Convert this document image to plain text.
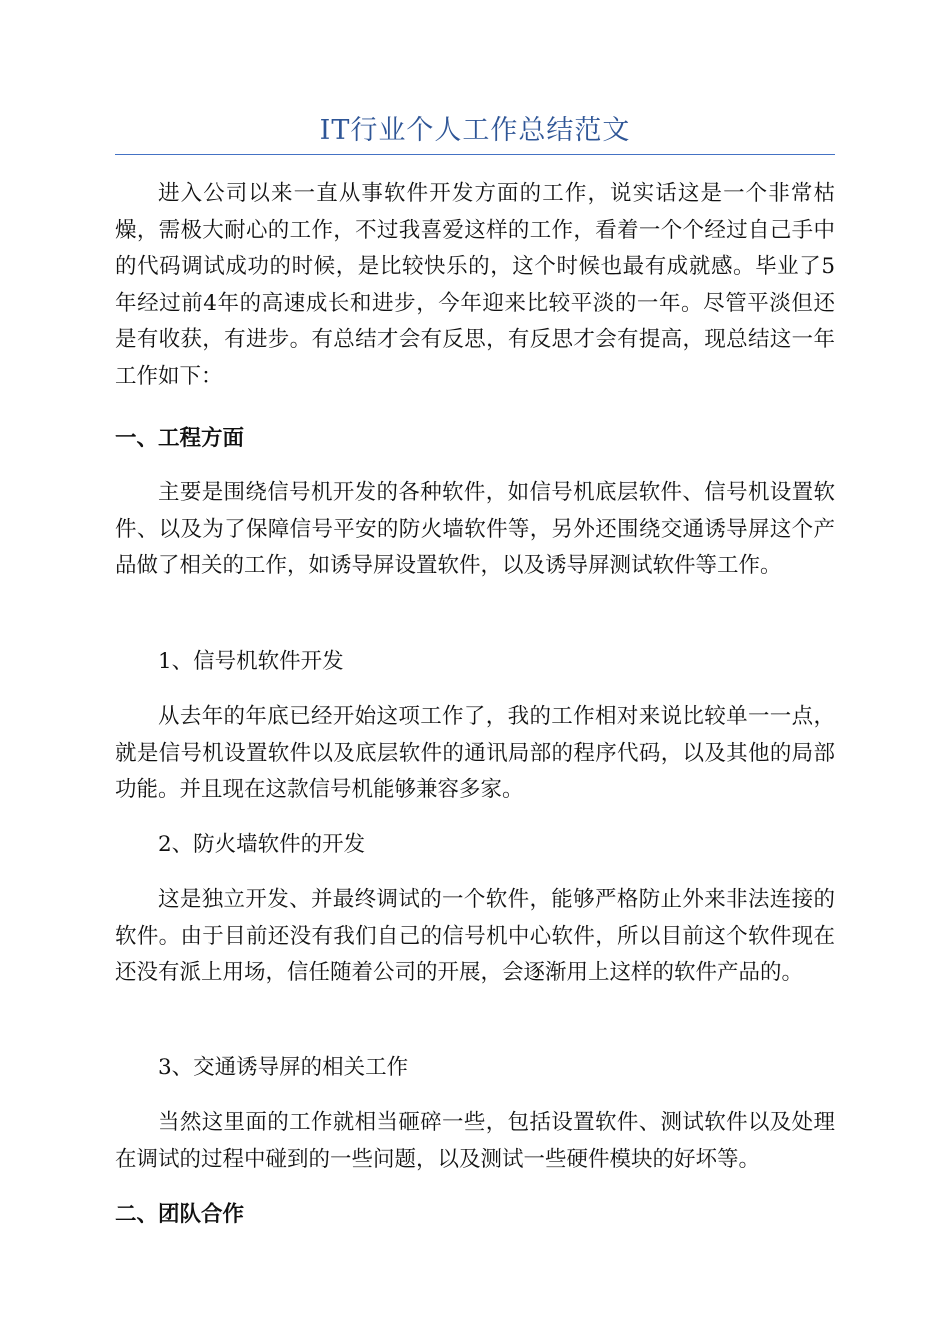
IT行业个人工作总结范文

进入公司以来一直从事软件开发方面的工作，说实话这是一个非常枯燥，需极大耐心的工作，不过我喜爱这样的工作，看着一个个经过自己手中的代码调试成功的时候，是比较快乐的，这个时候也最有成就感。毕业了5年经过前4年的高速成长和进步，今年迎来比较平淡的一年。尽管平淡但还是有收获，有进步。有总结才会有反思，有反思才会有提高，现总结这一年工作如下：

一、工程方面

主要是围绕信号机开发的各种软件，如信号机底层软件、信号机设置软件、以及为了保障信号平安的防火墙软件等，另外还围绕交通诱导屏这个产品做了相关的工作，如诱导屏设置软件，以及诱导屏测试软件等工作。

1、信号机软件开发

从去年的年底已经开始这项工作了，我的工作相对来说比较单一一点，就是信号机设置软件以及底层软件的通讯局部的程序代码，以及其他的局部功能。并且现在这款信号机能够兼容多家。

2、防火墙软件的开发

这是独立开发、并最终调试的一个软件，能够严格防止外来非法连接的软件。由于目前还没有我们自己的信号机中心软件，所以目前这个软件现在还没有派上用场，信任随着公司的开展，会逐渐用上这样的软件产品的。

3、交通诱导屏的相关工作

当然这里面的工作就相当砸碎一些，包括设置软件、测试软件以及处理在调试的过程中碰到的一些问题，以及测试一些硬件模块的好坏等。

二、团队合作
